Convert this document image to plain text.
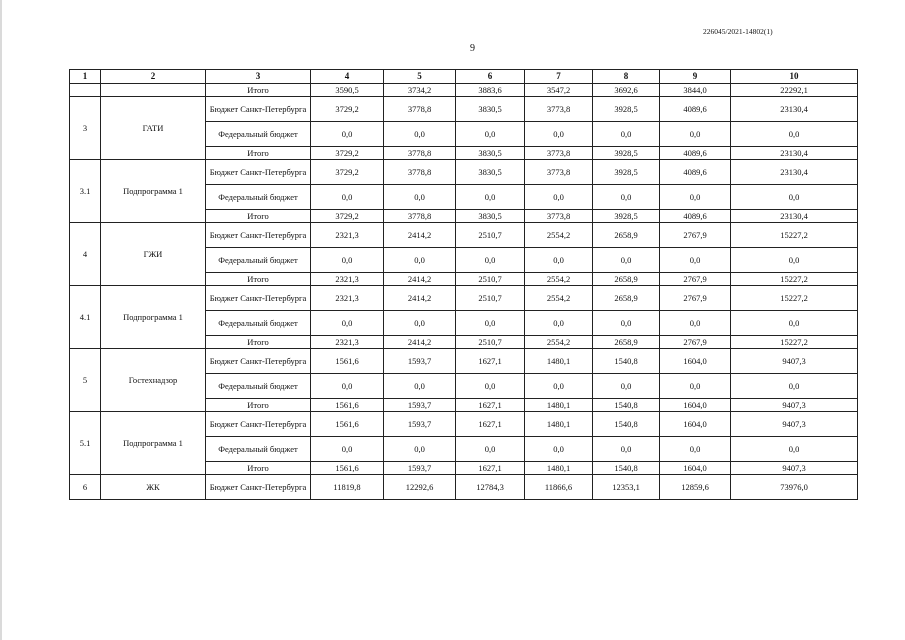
226045/2021-14802(1)
9
1	2	3	4	5	6	7	8	9	10
		Итого	3590,5	3734,2	3883,6	3547,2	3692,6	3844,0	22292,1
3	ГАТИ	Бюджет Санкт-Петербурга	3729,2	3778,8	3830,5	3773,8	3928,5	4089,6	23130,4
		Федеральный бюджет	0,0	0,0	0,0	0,0	0,0	0,0	0,0
		Итого	3729,2	3778,8	3830,5	3773,8	3928,5	4089,6	23130,4
3.1	Подпрограмма 1	Бюджет Санкт-Петербурга	3729,2	3778,8	3830,5	3773,8	3928,5	4089,6	23130,4
		Федеральный бюджет	0,0	0,0	0,0	0,0	0,0	0,0	0,0
		Итого	3729,2	3778,8	3830,5	3773,8	3928,5	4089,6	23130,4
4	ГЖИ	Бюджет Санкт-Петербурга	2321,3	2414,2	2510,7	2554,2	2658,9	2767,9	15227,2
		Федеральный бюджет	0,0	0,0	0,0	0,0	0,0	0,0	0,0
		Итого	2321,3	2414,2	2510,7	2554,2	2658,9	2767,9	15227,2
4.1	Подпрограмма 1	Бюджет Санкт-Петербурга	2321,3	2414,2	2510,7	2554,2	2658,9	2767,9	15227,2
		Федеральный бюджет	0,0	0,0	0,0	0,0	0,0	0,0	0,0
		Итого	2321,3	2414,2	2510,7	2554,2	2658,9	2767,9	15227,2
5	Гостехнадзор	Бюджет Санкт-Петербурга	1561,6	1593,7	1627,1	1480,1	1540,8	1604,0	9407,3
		Федеральный бюджет	0,0	0,0	0,0	0,0	0,0	0,0	0,0
		Итого	1561,6	1593,7	1627,1	1480,1	1540,8	1604,0	9407,3
5.1	Подпрограмма 1	Бюджет Санкт-Петербурга	1561,6	1593,7	1627,1	1480,1	1540,8	1604,0	9407,3
		Федеральный бюджет	0,0	0,0	0,0	0,0	0,0	0,0	0,0
		Итого	1561,6	1593,7	1627,1	1480,1	1540,8	1604,0	9407,3
6	ЖК	Бюджет Санкт-Петербурга	11819,8	12292,6	12784,3	11866,6	12353,1	12859,6	73976,0
